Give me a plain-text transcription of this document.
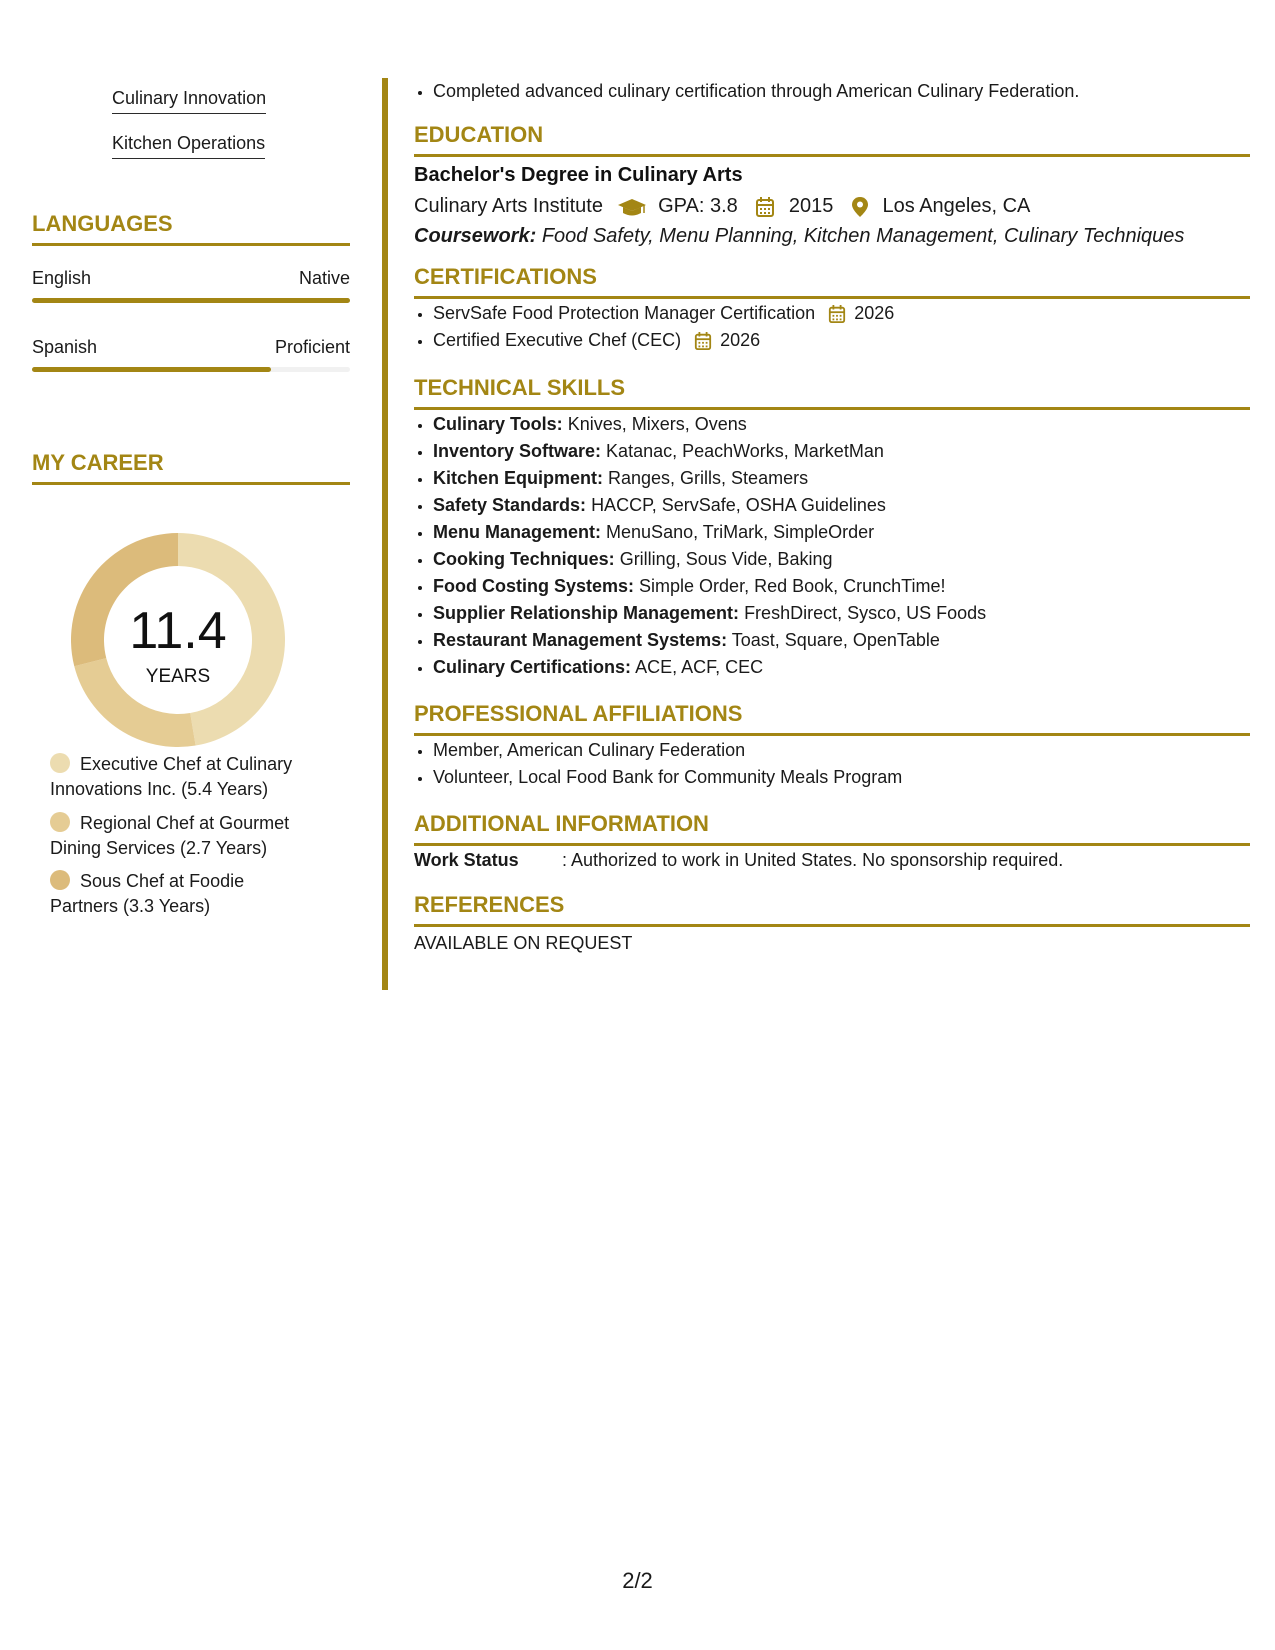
Culinary Innovation
Kitchen Operations
LANGUAGES
English	Native
Spanish	Proficient
MY CAREER
11.4
YEARS
Executive Chef at Culinary Innovations Inc. (5.4 Years)
Regional Chef at Gourmet Dining Services (2.7 Years)
Sous Chef at Foodie Partners (3.3 Years)
• Completed advanced culinary certification through American Culinary Federation.
EDUCATION
Bachelor's Degree in Culinary Arts
Culinary Arts Institute	GPA: 3.8	2015 Los Angeles, CA
Coursework: Food Safety, Menu Planning, Kitchen Management, Culinary Techniques
CERTIFICATIONS
• ServSafe Food Protection Manager Certification 2026
• Certified Executive Chef (CEC) 2026
TECHNICAL SKILLS
• Culinary Tools: Knives, Mixers, Ovens
• Inventory Software: Katanac, PeachWorks, MarketMan
• Kitchen Equipment: Ranges, Grills, Steamers
• Safety Standards: HACCP, ServSafe, OSHA Guidelines
• Menu Management: MenuSano, TriMark, SimpleOrder
• Cooking Techniques: Grilling, Sous Vide, Baking
• Food Costing Systems: Simple Order, Red Book, CrunchTime!
• Supplier Relationship Management: FreshDirect, Sysco, US Foods
• Restaurant Management Systems: Toast, Square, OpenTable
• Culinary Certifications: ACE, ACF, CEC
PROFESSIONAL AFFILIATIONS
• Member, American Culinary Federation
• Volunteer, Local Food Bank for Community Meals Program
ADDITIONAL INFORMATION
Work Status : Authorized to work in United States. No sponsorship required.
REFERENCES
AVAILABLE ON REQUEST
2/2
